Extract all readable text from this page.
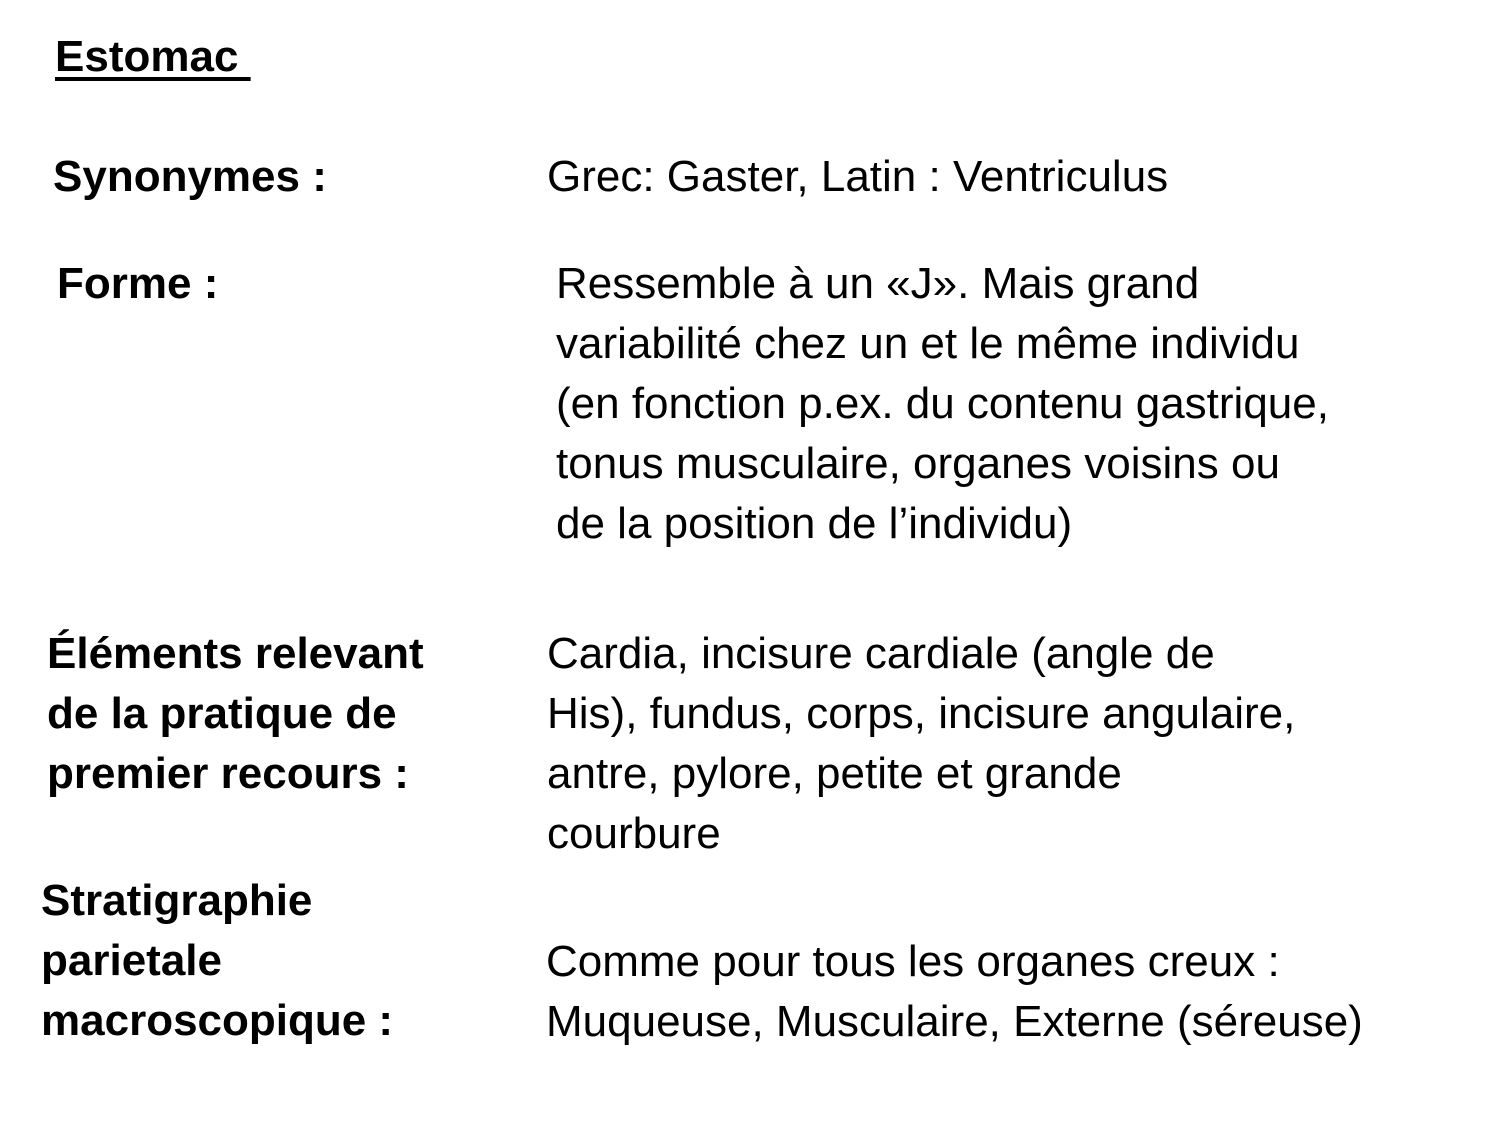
Estomac
Synonymes :	Grec: Gaster, Latin : Ventriculus
Forme :	Ressemble à un «J». Mais grand
variabilité chez un et le même individu
(en fonction p.ex. du contenu gastrique,
tonus musculaire, organes voisins ou
de la position de l’individu)
Éléments relevant
de la pratique de
premier recours :
Cardia, incisure cardiale (angle de
His), fundus, corps, incisure angulaire,
antre, pylore, petite et grande
courbure
Stratigraphie
parietale
macroscopique :
Comme pour tous les organes creux :
Muqueuse, Musculaire, Externe (séreuse)
